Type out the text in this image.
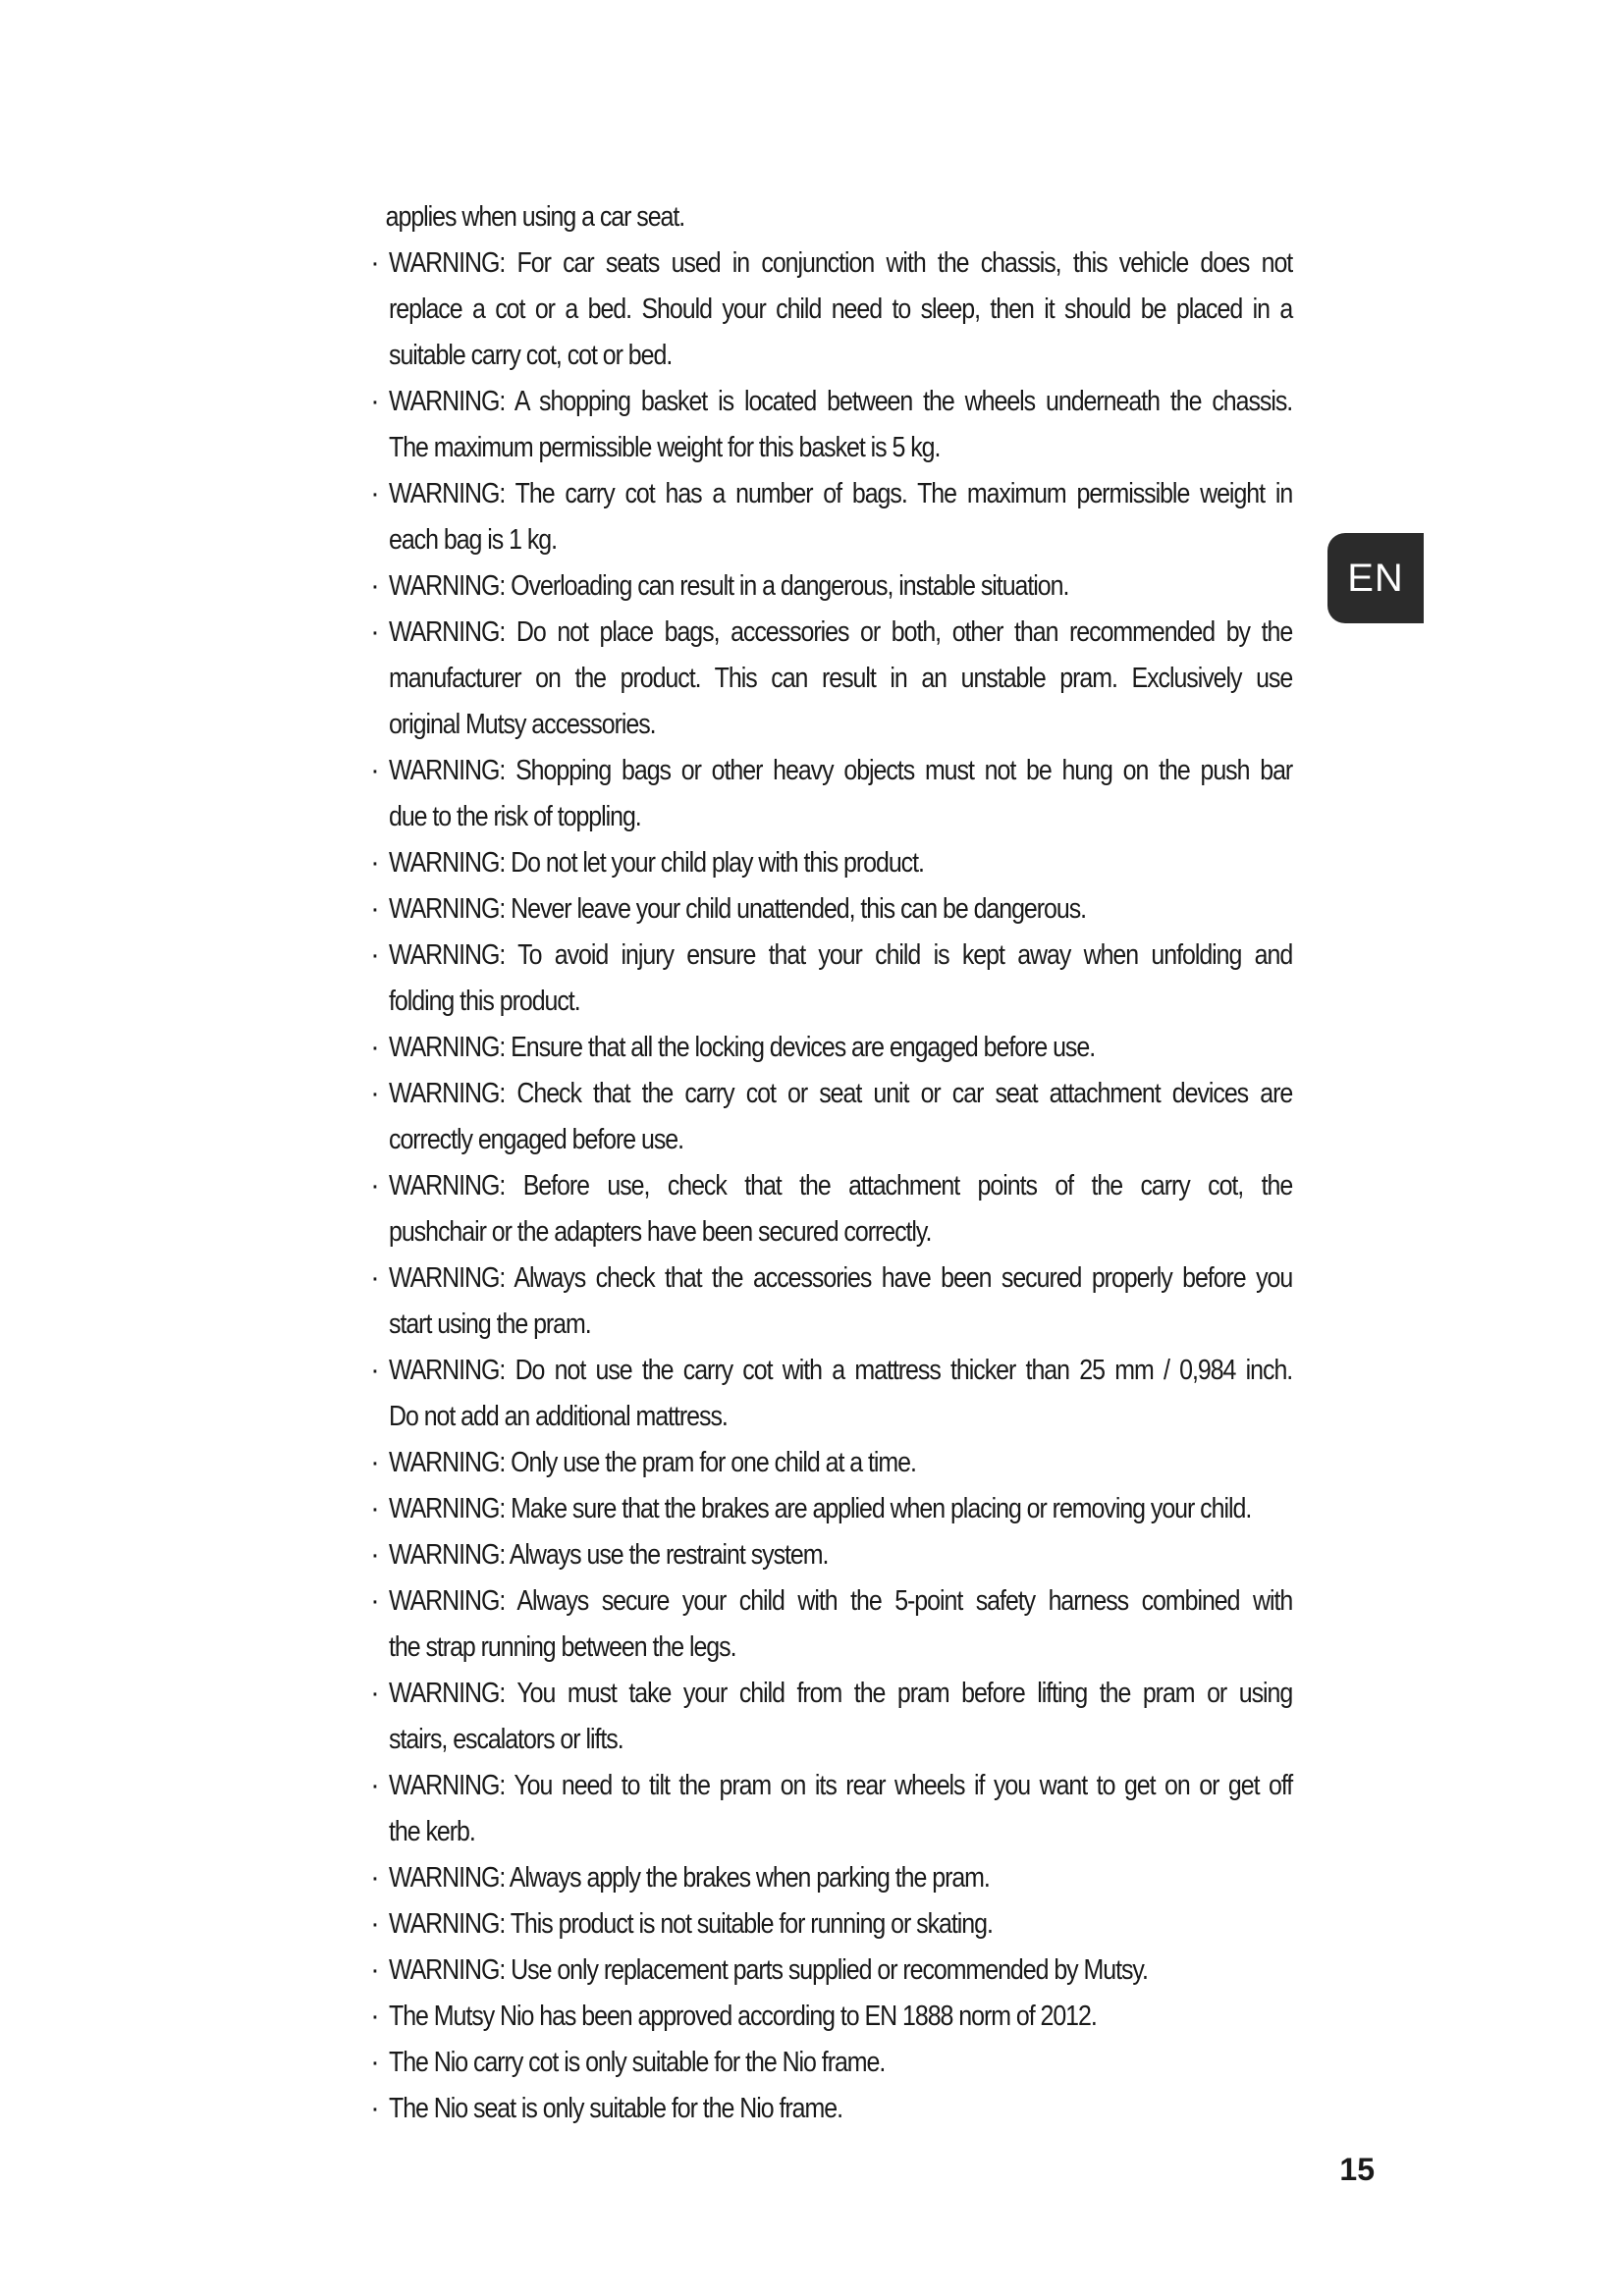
applies when using a car seat.
· WARNING: For car seats used in conjunction with the chassis, this vehicle does not
replace a cot or a bed. Should your child need to sleep, then it should be placed in a
suitable carry cot, cot or bed.
· WARNING: A shopping basket is located between the wheels underneath the chassis.
The maximum permissible weight for this basket is 5 kg.
· WARNING: The carry cot has a number of bags. The maximum permissible weight in
each bag is 1 kg.
· WARNING: Overloading can result in a dangerous, instable situation.
· WARNING: Do not place bags, accessories or both, other than recommended by the
manufacturer on the product. This can result in an unstable pram. Exclusively use
original Mutsy accessories.
· WARNING: Shopping bags or other heavy objects must not be hung on the push bar
due to the risk of toppling.
· WARNING: Do not let your child play with this product.
· WARNING: Never leave your child unattended, this can be dangerous.
· WARNING: To avoid injury ensure that your child is kept away when unfolding and
folding this product.
· WARNING: Ensure that all the locking devices are engaged before use.
· WARNING: Check that the carry cot or seat unit or car seat attachment devices are
correctly engaged before use.
· WARNING: Before use, check that the attachment points of the carry cot, the
pushchair or the adapters have been secured correctly.
· WARNING: Always check that the accessories have been secured properly before you
start using the pram.
· WARNING: Do not use the carry cot with a mattress thicker than 25 mm / 0,984 inch.
Do not add an additional mattress.
· WARNING: Only use the pram for one child at a time.
· WARNING: Make sure that the brakes are applied when placing or removing your child.
· WARNING: Always use the restraint system.
· WARNING: Always secure your child with the 5-point safety harness combined with
the strap running between the legs.
· WARNING: You must take your child from the pram before lifting the pram or using
stairs, escalators or lifts.
· WARNING: You need to tilt the pram on its rear wheels if you want to get on or get off
the kerb.
· WARNING: Always apply the brakes when parking the pram.
· WARNING: This product is not suitable for running or skating.
· WARNING: Use only replacement parts supplied or recommended by Mutsy.
· The Mutsy Nio has been approved according to EN 1888 norm of 2012.
· The Nio carry cot is only suitable for the Nio frame.
· The Nio seat is only suitable for the Nio frame.
EN
15
